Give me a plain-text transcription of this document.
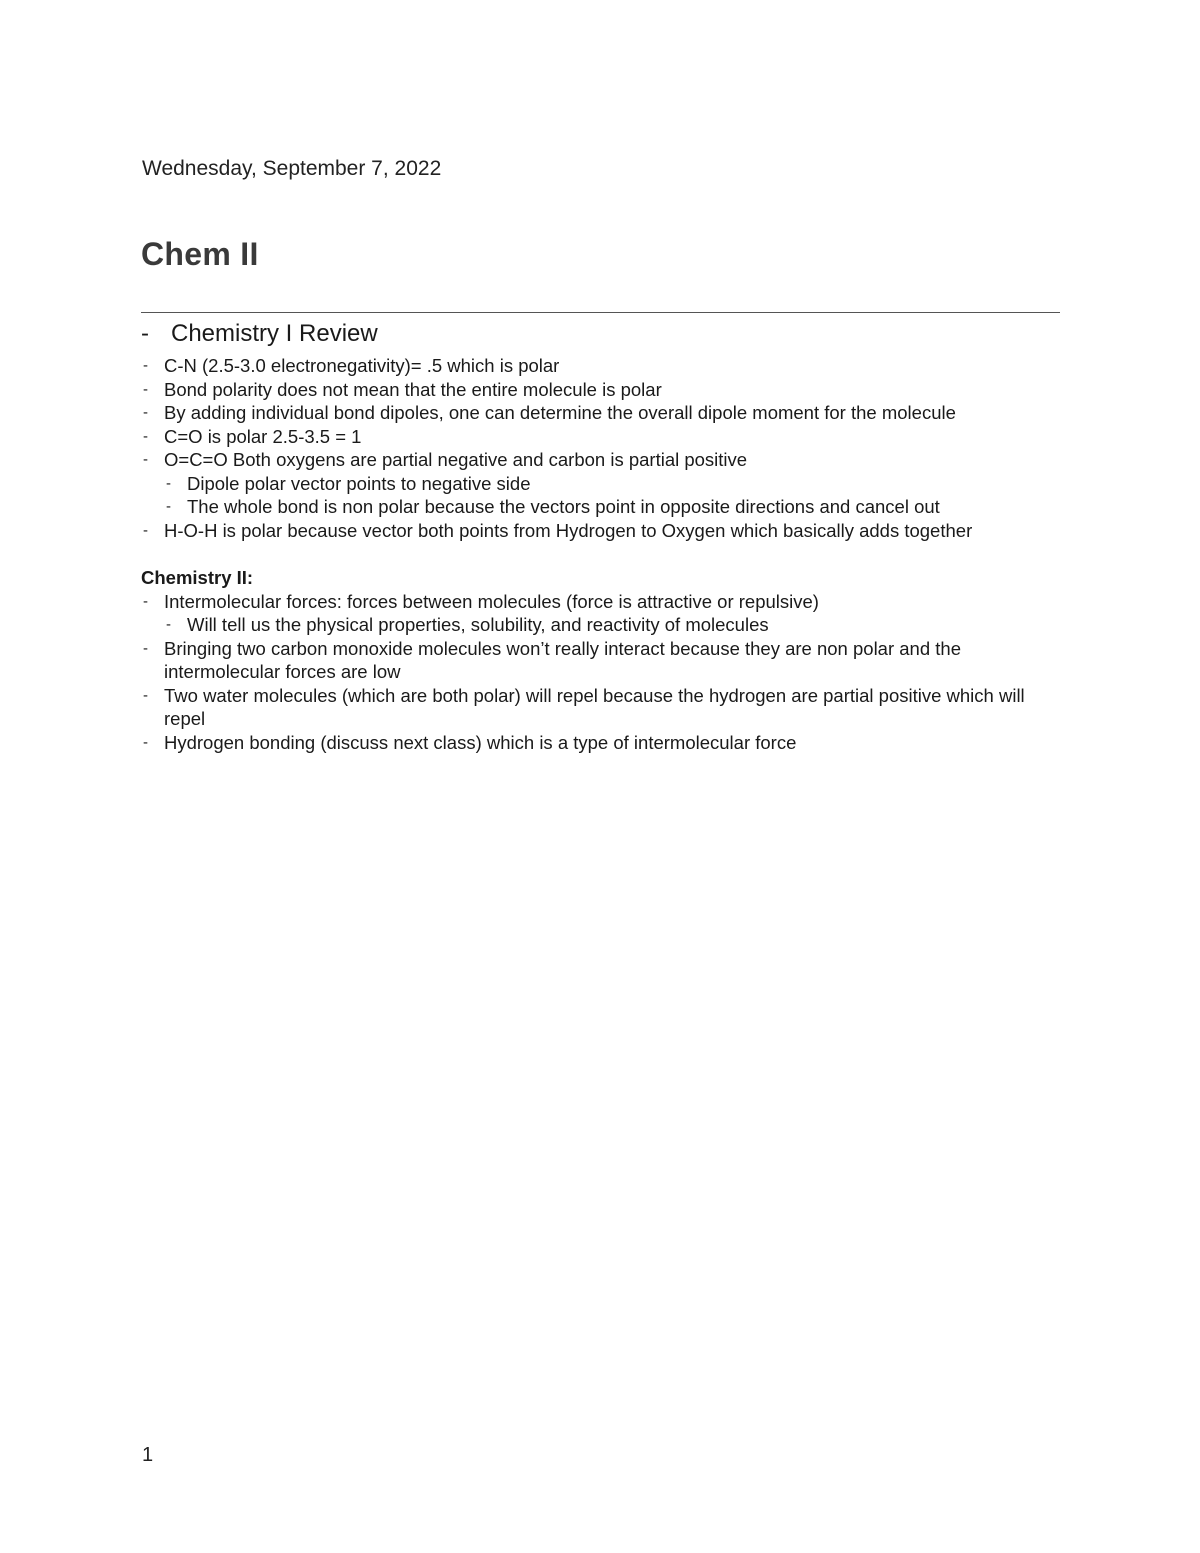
Wednesday, September 7, 2022
Chem II
- Chemistry I Review
- C-N (2.5-3.0 electronegativity)= .5 which is polar
- Bond polarity does not mean that the entire molecule is polar
- By adding individual bond dipoles, one can determine the overall dipole moment for the molecule
- C=O is polar 2.5-3.5 = 1
- O=C=O Both oxygens are partial negative and carbon is partial positive
- Dipole polar vector points to negative side
- The whole bond is non polar because the vectors point in opposite directions and cancel out
- H-O-H is polar because vector both points from Hydrogen to Oxygen which basically adds together
Chemistry II:
- Intermolecular forces: forces between molecules (force is attractive or repulsive)
- Will tell us the physical properties, solubility, and reactivity of molecules
- Bringing two carbon monoxide molecules won’t really interact because they are non polar and the intermolecular forces are low
- Two water molecules (which are both polar) will repel because the hydrogen are partial positive which will repel
- Hydrogen bonding (discuss next class) which is a type of intermolecular force
1
